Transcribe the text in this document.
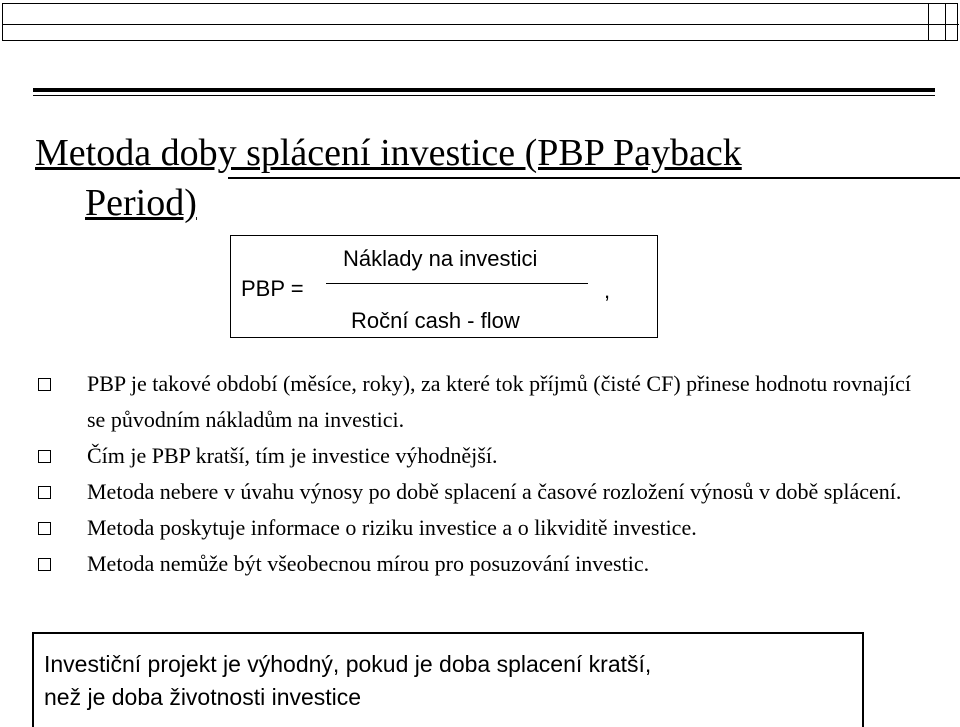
Metoda doby splácení investice (PBP Payback
Period)
PBP =
Náklady na investici
Roční cash - flow
,

PBP je takové období (měsíce, roky), za které tok příjmů (čisté CF) přinese hodnotu rovnající se původním nákladům na investici.

Čím je PBP kratší, tím je investice výhodnější.

Metoda nebere v úvahu výnosy po době splacení a časové rozložení výnosů v době splácení.

Metoda poskytuje informace o riziku investice a o likviditě investice.

Metoda nemůže být všeobecnou mírou pro posuzování investic.

Investiční projekt je výhodný, pokud je doba splacení kratší,
než je doba životnosti investice
